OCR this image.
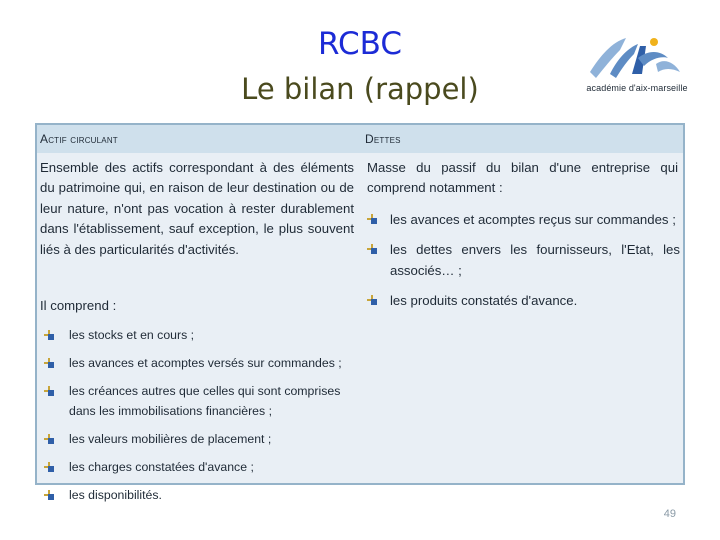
RCBC
Le bilan (rappel)	académie d'aix-marseille
Actif circulant	Dettes
Ensemble des actifs correspondant à des éléments du patrimoine qui, en raison de leur destination ou de leur nature, n'ont pas vocation à rester durablement dans l'établissement, sauf exception, le plus souvent liés à des particularités d'activités.
Il comprend :
les stocks et en cours ;
les avances et acomptes versés sur commandes ;
les créances autres que celles qui sont comprises dans les immobilisations financières ;
les valeurs mobilières de placement ;
les charges constatées d'avance ;
les disponibilités.
Masse du passif du bilan d'une entreprise qui comprend notamment :
les avances et acomptes reçus sur commandes ;
les dettes envers les fournisseurs, l'Etat, les associés… ;
les produits constatés d'avance.
49
